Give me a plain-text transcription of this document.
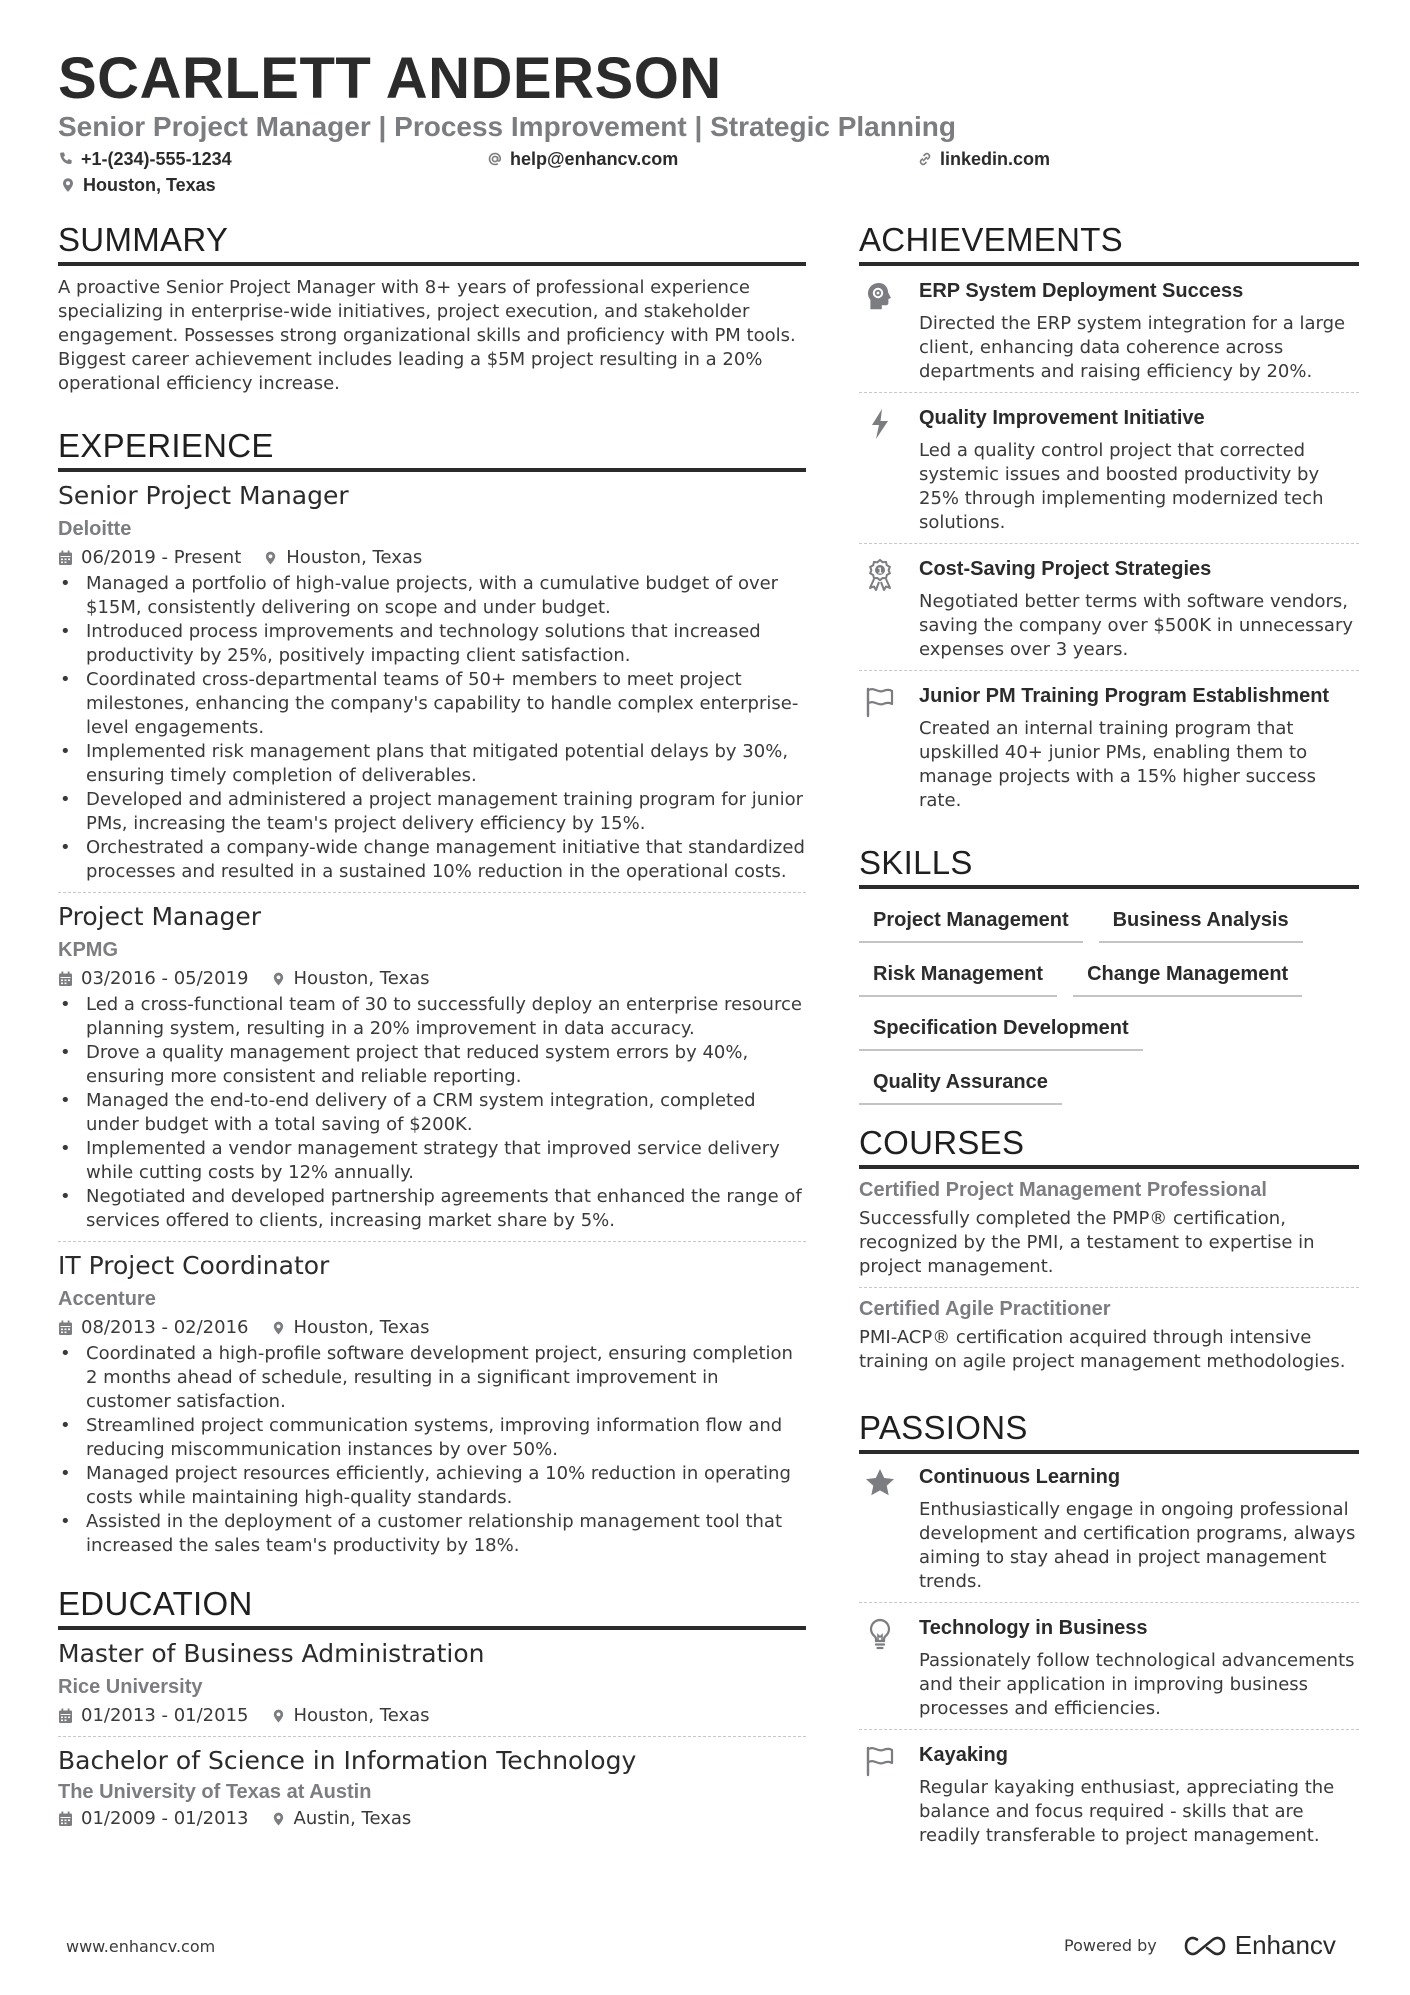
SCARLETT ANDERSON
Senior Project Manager | Process Improvement | Strategic Planning
+1-(234)-555-1234	help@enhancv.com	linkedin.com
Houston, Texas
SUMMARY

A proactive Senior Project Manager with 8+ years of professional experience specializing in enterprise-wide initiatives, project execution, and stakeholder engagement. Possesses strong organizational skills and proficiency with PM tools. Biggest career achievement includes leading a $5M project resulting in a 20% operational efficiency increase.

EXPERIENCE
Senior Project Manager
Deloitte
06/2019 - Present	Houston, Texas
• Managed a portfolio of high-value projects, with a cumulative budget of over $15M, consistently delivering on scope and under budget.
• Introduced process improvements and technology solutions that increased productivity by 25%, positively impacting client satisfaction.
• Coordinated cross-departmental teams of 50+ members to meet project milestones, enhancing the company's capability to handle complex enterprise-level engagements.
• Implemented risk management plans that mitigated potential delays by 30%, ensuring timely completion of deliverables.
• Developed and administered a project management training program for junior PMs, increasing the team's project delivery efficiency by 15%.
• Orchestrated a company-wide change management initiative that standardized processes and resulted in a sustained 10% reduction in the operational costs.
Project Manager
KPMG
03/2016 - 05/2019	Houston, Texas
• Led a cross-functional team of 30 to successfully deploy an enterprise resource planning system, resulting in a 20% improvement in data accuracy.
• Drove a quality management project that reduced system errors by 40%, ensuring more consistent and reliable reporting.
• Managed the end-to-end delivery of a CRM system integration, completed under budget with a total saving of $200K.
• Implemented a vendor management strategy that improved service delivery while cutting costs by 12% annually.
• Negotiated and developed partnership agreements that enhanced the range of services offered to clients, increasing market share by 5%.
IT Project Coordinator
Accenture
08/2013 - 02/2016	Houston, Texas
• Coordinated a high-profile software development project, ensuring completion 2 months ahead of schedule, resulting in a significant improvement in customer satisfaction.
• Streamlined project communication systems, improving information flow and reducing miscommunication instances by over 50%.
• Managed project resources efficiently, achieving a 10% reduction in operating costs while maintaining high-quality standards.
• Assisted in the deployment of a customer relationship management tool that increased the sales team's productivity by 18%.
EDUCATION
Master of Business Administration
Rice University
01/2013 - 01/2015	Houston, Texas
Bachelor of Science in Information Technology
The University of Texas at Austin
01/2009 - 01/2013	Austin, Texas
ACHIEVEMENTS
ERP System Deployment Success
Directed the ERP system integration for a large client, enhancing data coherence across departments and raising efficiency by 20%.
Quality Improvement Initiative
Led a quality control project that corrected systemic issues and boosted productivity by 25% through implementing modernized tech solutions.
1 Cost-Saving Project Strategies
Negotiated better terms with software vendors, saving the company over $500K in unnecessary expenses over 3 years.
Junior PM Training Program Establishment
Created an internal training program that upskilled 40+ junior PMs, enabling them to manage projects with a 15% higher success rate.
SKILLS
Project Management	Business Analysis
Risk Management	Change Management
Specification Development
Quality Assurance
COURSES
Certified Project Management Professional
Successfully completed the PMP® certification, recognized by the PMI, a testament to expertise in project management.
Certified Agile Practitioner
PMI-ACP® certification acquired through intensive training on agile project management methodologies.
PASSIONS
Continuous Learning
Enthusiastically engage in ongoing professional development and certification programs, always aiming to stay ahead in project management trends.
Technology in Business
Passionately follow technological advancements and their application in improving business processes and efficiencies.
Kayaking
Regular kayaking enthusiast, appreciating the balance and focus required - skills that are readily transferable to project management.
www.enhancv.com	Powered by	Enhancv
